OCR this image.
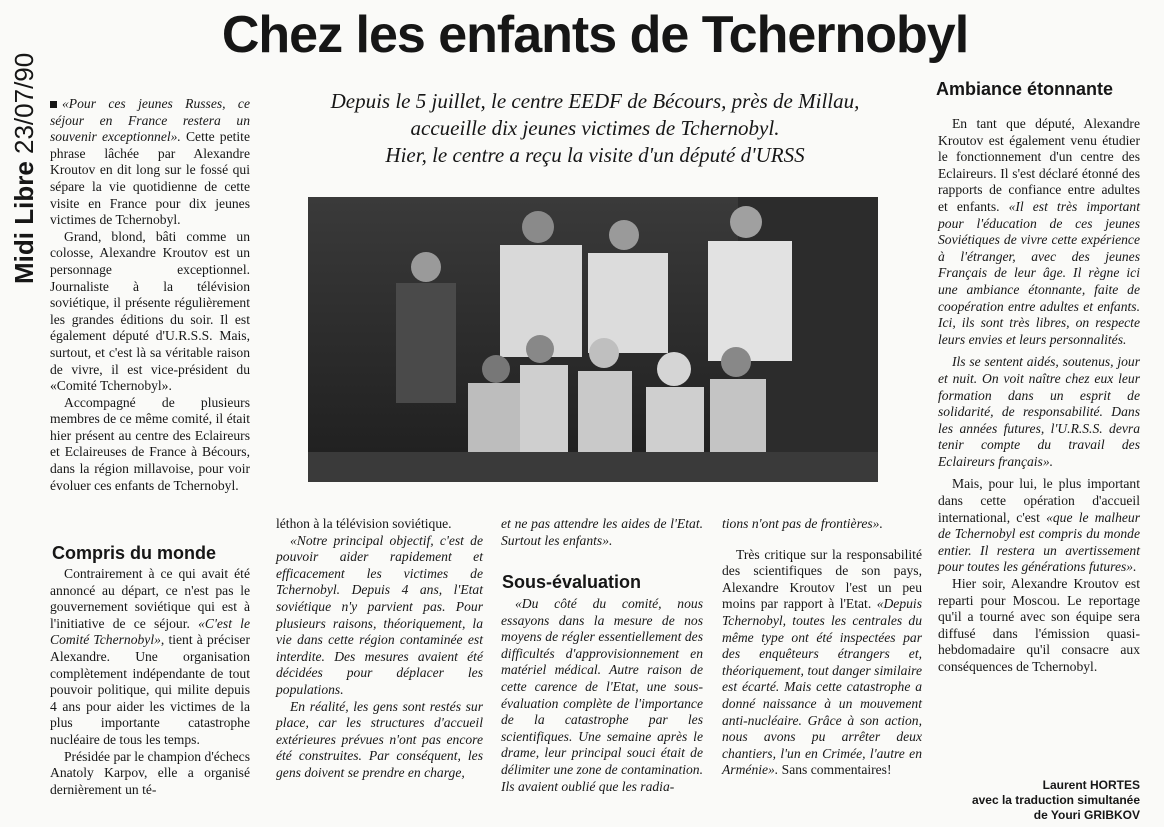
Midi Libre 23/07/90
Chez les enfants de Tchernobyl
Depuis le 5 juillet, le centre EEDF de Bécours, près de Millau,
accueille dix jeunes victimes de Tchernobyl.
Hier, le centre a reçu la visite d'un député d'URSS

«Pour ces jeunes Russes, ce séjour en France restera un souvenir exceptionnel». Cette petite phrase lâchée par Alexandre Kroutov en dit long sur le fossé qui sépare la vie quotidienne de cette visite en France pour dix jeunes victimes de Tchernobyl.

Grand, blond, bâti comme un colosse, Alexandre Kroutov est un personnage exceptionnel. Journaliste à la télévision soviétique, il présente régulièrement les grandes éditions du soir. Il est également député d'U.R.S.S. Mais, surtout, et c'est là sa véritable raison de vivre, il est vice-président du «Comité Tchernobyl».

Accompagné de plusieurs membres de ce même comité, il était hier présent au centre des Eclaireurs et Eclaireuses de France à Bécours, dans la région millavoise, pour voir évoluer ces enfants de Tchernobyl.

Compris du monde

Contrairement à ce qui avait été annoncé au départ, ce n'est pas le gouvernement soviétique qui est à l'initiative de ce séjour. «C'est le Comité Tchernobyl», tient à préciser Alexandre. Une organisation complètement indépendante de tout pouvoir politique, qui milite depuis 4 ans pour aider les victimes de la plus importante catastrophe nucléaire de tous les temps.

Présidée par le champion d'échecs Anatoly Karpov, elle a organisé dernièrement un té-

léthon à la télévision soviétique.

«Notre principal objectif, c'est de pouvoir aider rapidement et efficacement les victimes de Tchernobyl. Depuis 4 ans, l'Etat soviétique n'y parvient pas. Pour plusieurs raisons, théoriquement, la vie dans cette région contaminée est interdite. Des mesures avaient été décidées pour déplacer les populations.

En réalité, les gens sont restés sur place, car les structures d'accueil extérieures prévues n'ont pas encore été construites. Par conséquent, les gens doivent se prendre en charge,

et ne pas attendre les aides de l'Etat. Surtout les enfants».

Sous-évaluation

«Du côté du comité, nous essayons dans la mesure de nos moyens de régler essentiellement des difficultés d'approvisionnement en matériel médical. Autre raison de cette carence de l'Etat, une sous-évaluation complète de l'importance de la catastrophe par les scientifiques. Une semaine après le drame, leur principal souci était de délimiter une zone de contamination. Ils avaient oublié que les radia-

tions n'ont pas de frontières».

Très critique sur la responsabilité des scientifiques de son pays, Alexandre Kroutov l'est un peu moins par rapport à l'Etat. «Depuis Tchernobyl, toutes les centrales du même type ont été inspectées par des enquêteurs étrangers et, théoriquement, tout danger similaire est écarté. Mais cette catastrophe a donné naissance à un mouvement anti-nucléaire. Grâce à son action, nous avons pu arrêter deux chantiers, l'un en Crimée, l'autre en Arménie». Sans commentaires!

Ambiance étonnante

En tant que député, Alexandre Kroutov est également venu étudier le fonctionnement d'un centre des Eclaireurs. Il s'est déclaré étonné des rapports de confiance entre adultes et enfants. «Il est très important pour l'éducation de ces jeunes Soviétiques de vivre cette expérience à l'étranger, avec des jeunes Français de leur âge. Il règne ici une ambiance étonnante, faite de coopération entre adultes et enfants. Ici, ils sont très libres, on respecte leurs envies et leurs personnalités.

Ils se sentent aidés, soutenus, jour et nuit. On voit naître chez eux leur formation dans un esprit de solidarité, de responsabilité. Dans les années futures, l'U.R.S.S. devra tenir compte du travail des Eclaireurs français».

Mais, pour lui, le plus important dans cette opération d'accueil international, c'est «que le malheur de Tchernobyl est compris du monde entier. Il restera un avertissement pour toutes les générations futures».

Hier soir, Alexandre Kroutov est reparti pour Moscou. Le reportage qu'il a tourné avec son équipe sera diffusé dans l'émission quasi-hebdomadaire qu'il consacre aux conséquences de Tchernobyl.

Laurent HORTES
avec la traduction simultanée
de Youri GRIBKOV
